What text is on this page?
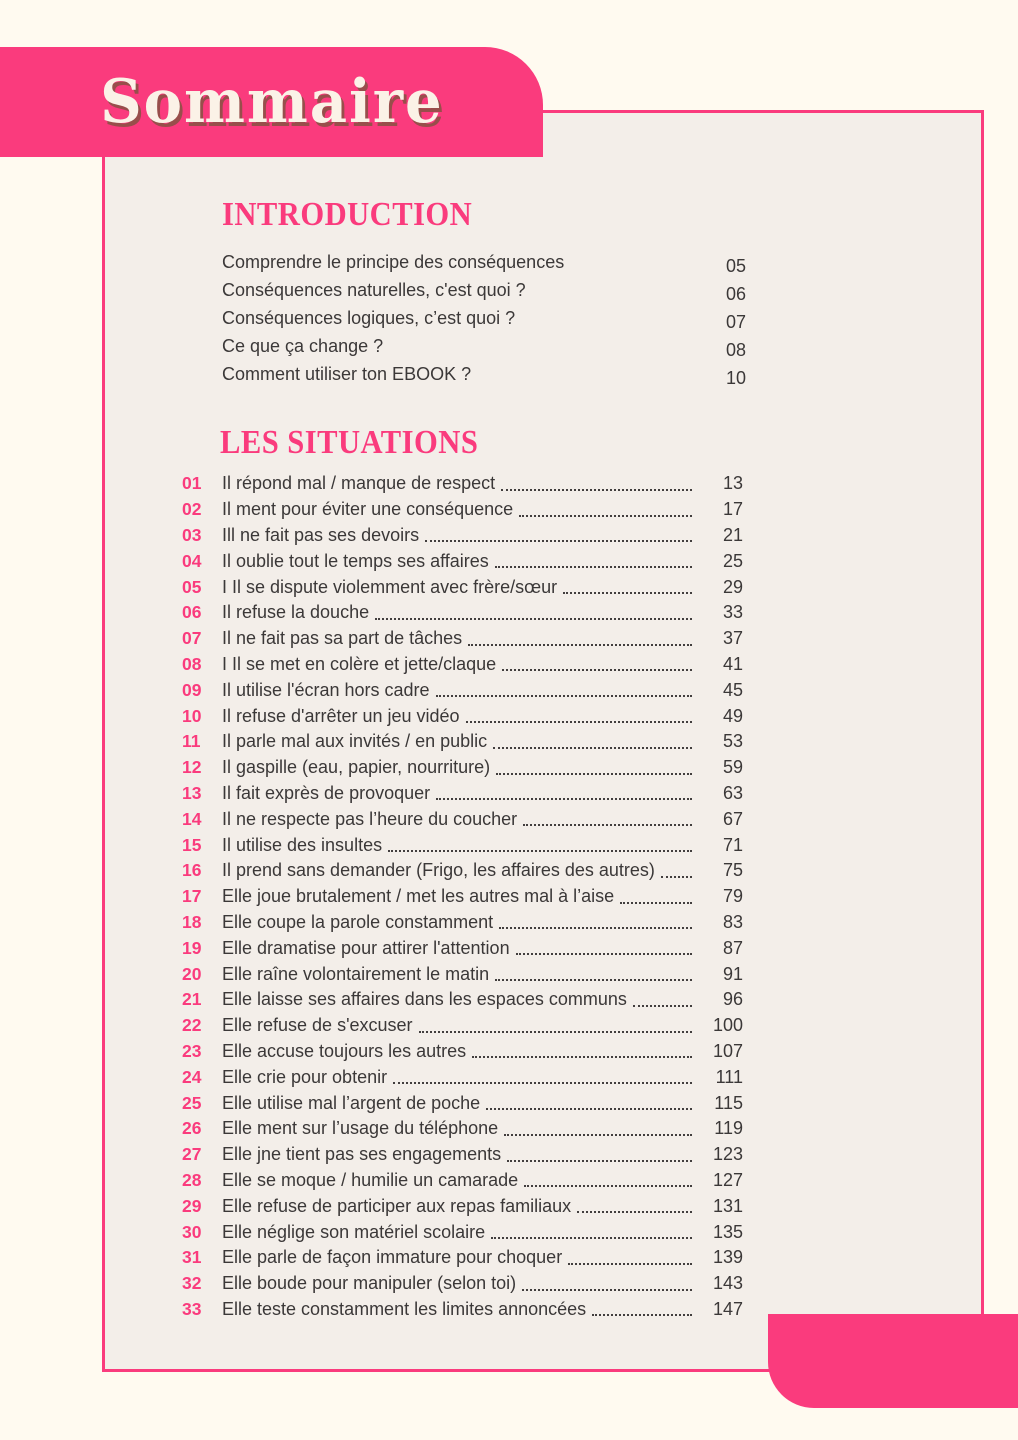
Sommaire
INTRODUCTION
Comprendre le principe des conséquences	05
Conséquences naturelles, c'est quoi ?	06
Conséquences logiques, c’est quoi ?	07
Ce que ça change ?	08
Comment utiliser ton EBOOK ?	10
LES SITUATIONS
01	Il répond mal / manque de respect	13
02	Il ment pour éviter une conséquence	17
03	Ill ne fait pas ses devoirs	21
04	Il oublie tout le temps ses affaires	25
05	I Il se dispute violemment avec frère/sœur	29
06	Il refuse la douche	33
07	Il ne fait pas sa part de tâches	37
08	I Il se met en colère et jette/claque	41
09	Il utilise l'écran hors cadre	45
10	Il refuse d'arrêter un jeu vidéo	49
11	Il parle mal aux invités / en public	53
12	Il gaspille (eau, papier, nourriture)	59
13	Il fait exprès de provoquer	63
14	Il ne respecte pas l’heure du coucher	67
15	Il utilise des insultes	71
16	Il prend sans demander (Frigo, les affaires des autres)	75
17	Elle joue brutalement / met les autres mal à l’aise	79
18	Elle coupe la parole constamment	83
19	Elle dramatise pour attirer l'attention	87
20	Elle raîne volontairement le matin	91
21	Elle laisse ses affaires dans les espaces communs	96
22	Elle refuse de s'excuser	100
23	Elle accuse toujours les autres	107
24	Elle crie pour obtenir	111
25	Elle utilise mal l’argent de poche	115
26	Elle ment sur l’usage du téléphone	119
27	Elle jne tient pas ses engagements	123
28	Elle se moque / humilie un camarade	127
29	Elle refuse de participer aux repas familiaux	131
30	Elle néglige son matériel scolaire	135
31	Elle parle de façon immature pour choquer	139
32	Elle boude pour manipuler (selon toi)	143
33	Elle teste constamment les limites annoncées	147
